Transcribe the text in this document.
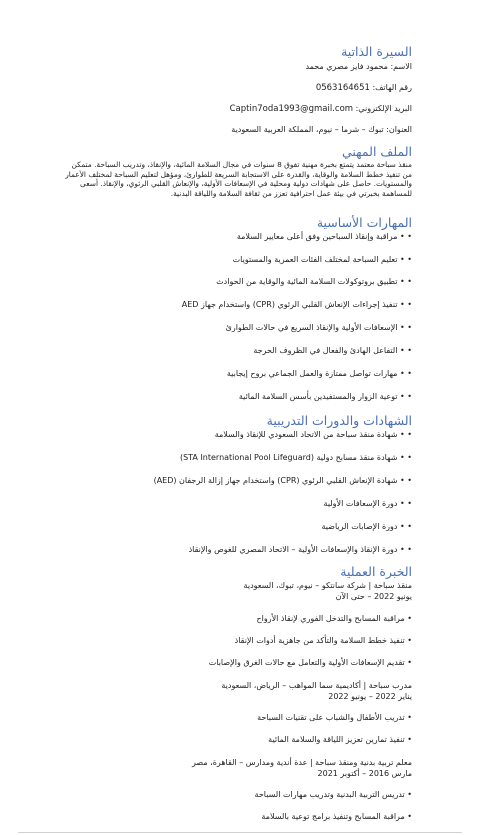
السيرة الذاتية
الاسم: محمود فايز مصري محمد
رقم الهاتف: 0563164651
البريد الإلكتروني: Captin7oda1993@gmail.com
العنوان: تبوك – شرما – نيوم، المملكة العربية السعودية
الملف المهني
منقذ سباحة معتمد يتمتع بخبرة مهنية تفوق 8 سنوات في مجال السلامة المائية، والإنقاذ، وتدريب السباحة. متمكن
من تنفيذ خطط السلامة والوقاية، والقدرة على الاستجابة السريعة للطوارئ، ومؤهل لتعليم السباحة لمختلف الأعمار
والمستويات. حاصل على شهادات دولية ومحلية في الإسعافات الأولية، والإنعاش القلبي الرئوي، والإنقاذ. أسعى
للمساهمة بخبرتي في بيئة عمل احترافية تعزز من ثقافة السلامة واللياقة البدنية.
المهارات الأساسية
• • مراقبة وإنقاذ السباحين وفق أعلى معايير السلامة
• • تعليم السباحة لمختلف الفئات العمرية والمستويات
• • تطبيق بروتوكولات السلامة المائية والوقاية من الحوادث
• • تنفيذ إجراءات الإنعاش القلبي الرئوي (CPR) واستخدام جهاز AED
• • الإسعافات الأولية والإنقاذ السريع في حالات الطوارئ
• • التفاعل الهادئ والفعال في الظروف الحرجة
• • مهارات تواصل ممتازة والعمل الجماعي بروح إيجابية
• • توعية الزوار والمستفيدين بأسس السلامة المائية
الشهادات والدورات التدريبية
• • شهادة منقذ سباحة من الاتحاد السعودي للإنقاذ والسلامة
• • شهادة منقذ مسابح دولية (STA International Pool Lifeguard)
• • شهادة الإنعاش القلبي الرئوي (CPR) واستخدام جهاز إزالة الرجفان (AED)
• • دورة الإسعافات الأولية
• • دورة الإصابات الرياضية
• • دورة الإنقاذ والإسعافات الأولية – الاتحاد المصري للغوص والإنقاذ
الخبرة العملية
منقذ سباحة | شركة سانتكو – نيوم، تبوك، السعودية
يونيو 2022 – حتى الآن
• مراقبة المسابح والتدخل الفوري لإنقاذ الأرواح
• تنفيذ خطط السلامة والتأكد من جاهزية أدوات الإنقاذ
• تقديم الإسعافات الأولية والتعامل مع حالات الغرق والإصابات
مدرب سباحة | أكاديمية سما المواهب – الرياض، السعودية
يناير 2022 – يونيو 2022
• تدريب الأطفال والشباب على تقنيات السباحة
• تنفيذ تمارين تعزيز اللياقة والسلامة المائية
معلم تربية بدنية ومنقذ سباحة | عدة أندية ومدارس – القاهرة، مصر
مارس 2016 – أكتوبر 2021
• تدريس التربية البدنية وتدريب مهارات السباحة
• مراقبة المسابح وتنفيذ برامج توعية بالسلامة
